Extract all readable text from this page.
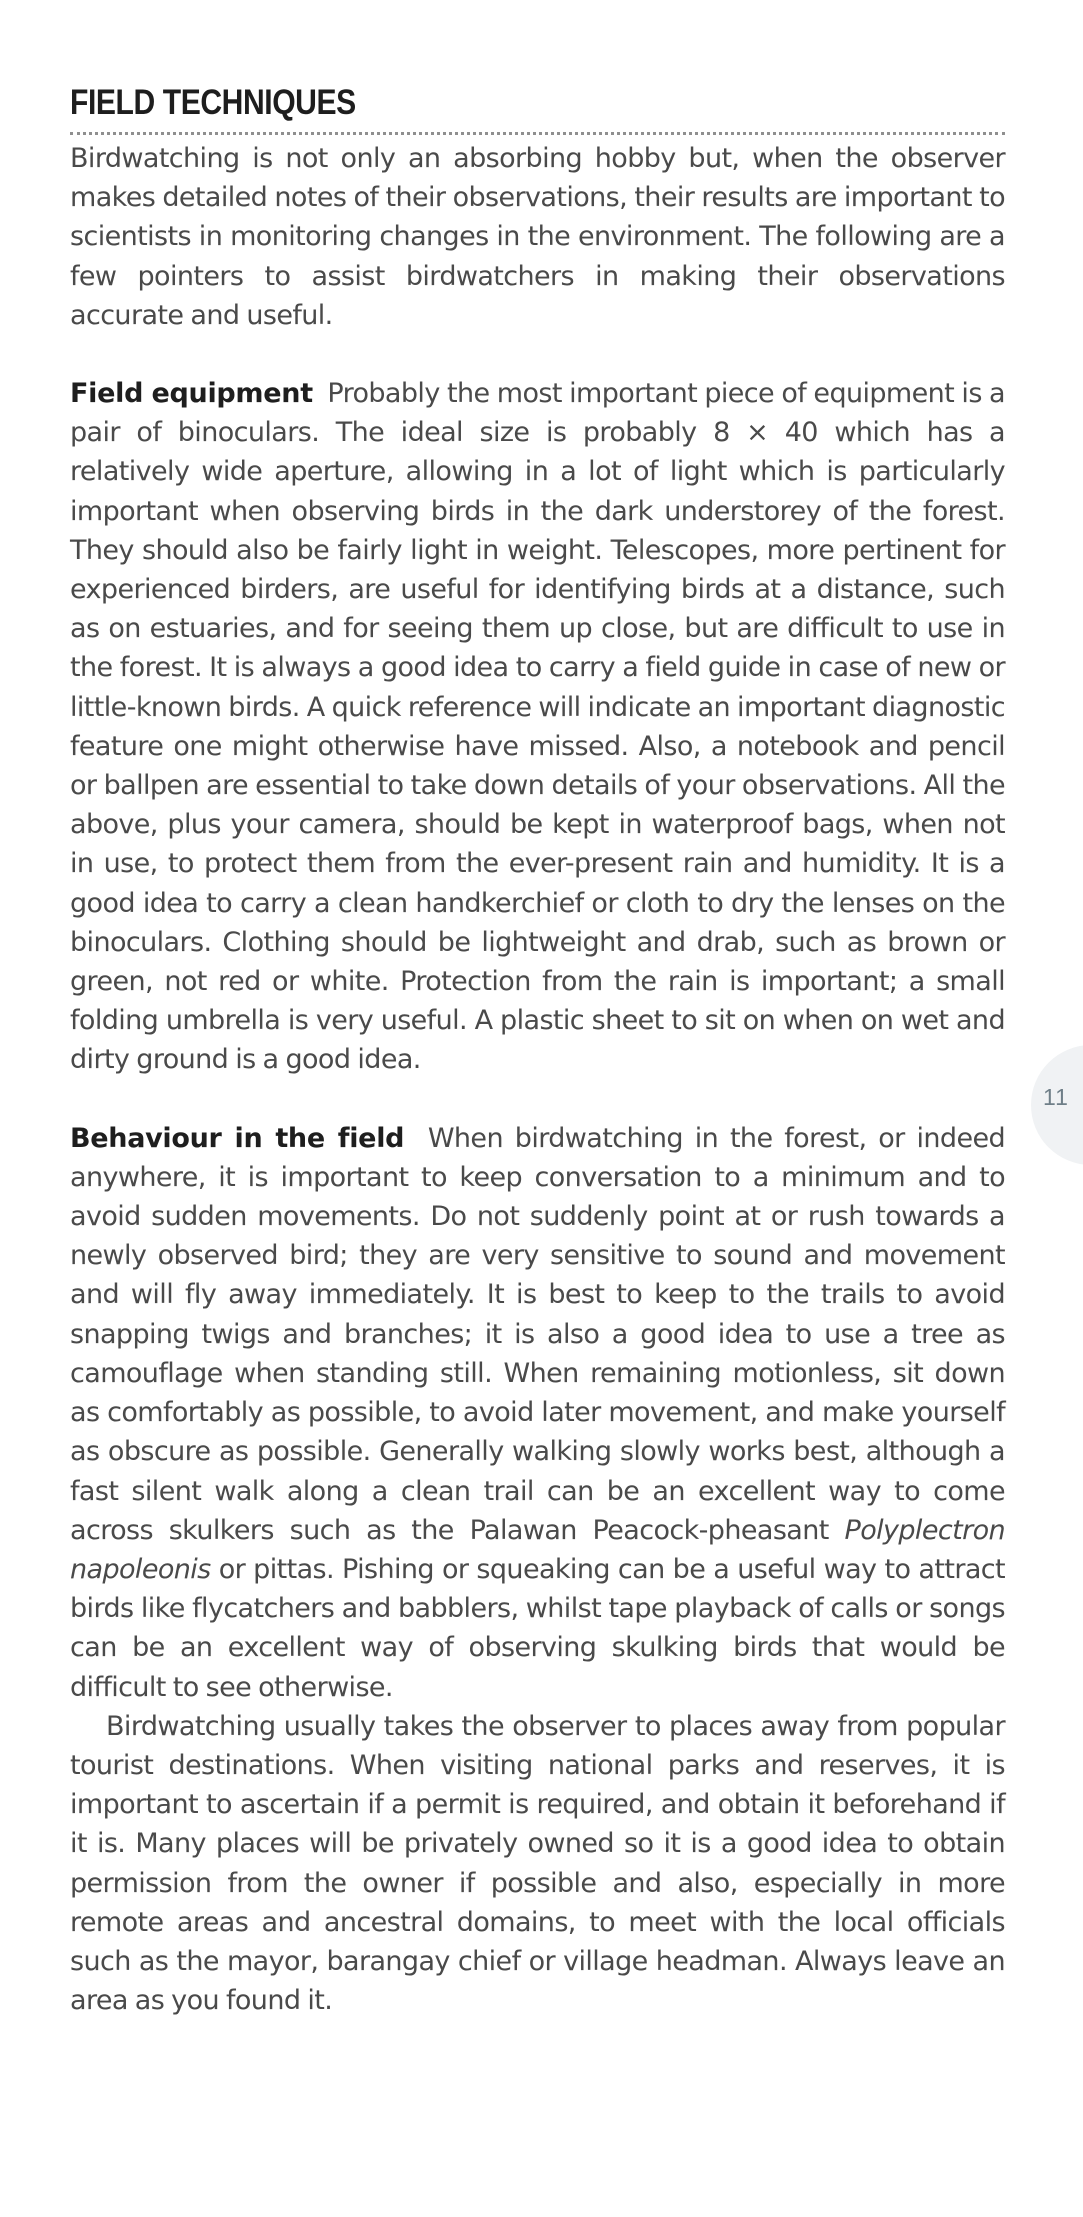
FIELD TECHNIQUES

Birdwatching is not only an absorbing hobby but, when the observer makes detailed notes of their observations, their results are important to scientists in monitoring changes in the environment. The following are a few pointers to assist birdwatchers in making their observations accurate and useful.

Field equipment Probably the most important piece of equipment is a pair of binoculars. The ideal size is probably 8 × 40 which has a relatively wide aperture, allowing in a lot of light which is particularly important when observing birds in the dark understorey of the forest. They should also be fairly light in weight. Telescopes, more pertinent for experienced birders, are useful for identifying birds at a distance, such as on estuaries, and for seeing them up close, but are difficult to use in the forest. It is always a good idea to carry a field guide in case of new or little-known birds. A quick reference will indicate an important diagnostic feature one might otherwise have missed. Also, a notebook and pencil or ballpen are essential to take down details of your observations. All the above, plus your camera, should be kept in waterproof bags, when not in use, to protect them from the ever-present rain and humidity. It is a good idea to carry a clean handkerchief or cloth to dry the lenses on the binoculars. Clothing should be lightweight and drab, such as brown or green, not red or white. Protection from the rain is important; a small folding umbrella is very useful. A plastic sheet to sit on when on wet and dirty ground is a good idea.

Behaviour in the field When birdwatching in the forest, or indeed anywhere, it is important to keep conversation to a minimum and to avoid sudden movements. Do not suddenly point at or rush towards a newly observed bird; they are very sensitive to sound and movement and will fly away immediately. It is best to keep to the trails to avoid snapping twigs and branches; it is also a good idea to use a tree as camouflage when standing still. When remaining motionless, sit down as comfortably as possible, to avoid later movement, and make yourself as obscure as possible. Generally walking slowly works best, although a fast silent walk along a clean trail can be an excellent way to come across skulkers such as the Palawan Peacock-pheasant Polyplectron napoleonis or pittas. Pishing or squeaking can be a useful way to attract birds like flycatchers and babblers, whilst tape playback of calls or songs can be an excellent way of observing skulking birds that would be difficult to see otherwise.

Birdwatching usually takes the observer to places away from popular tourist destinations. When visiting national parks and reserves, it is important to ascertain if a permit is required, and obtain it beforehand if it is. Many places will be privately owned so it is a good idea to obtain permission from the owner if possible and also, especially in more remote areas and ancestral domains, to meet with the local officials such as the mayor, barangay chief or village headman. Always leave an area as you found it.

11
